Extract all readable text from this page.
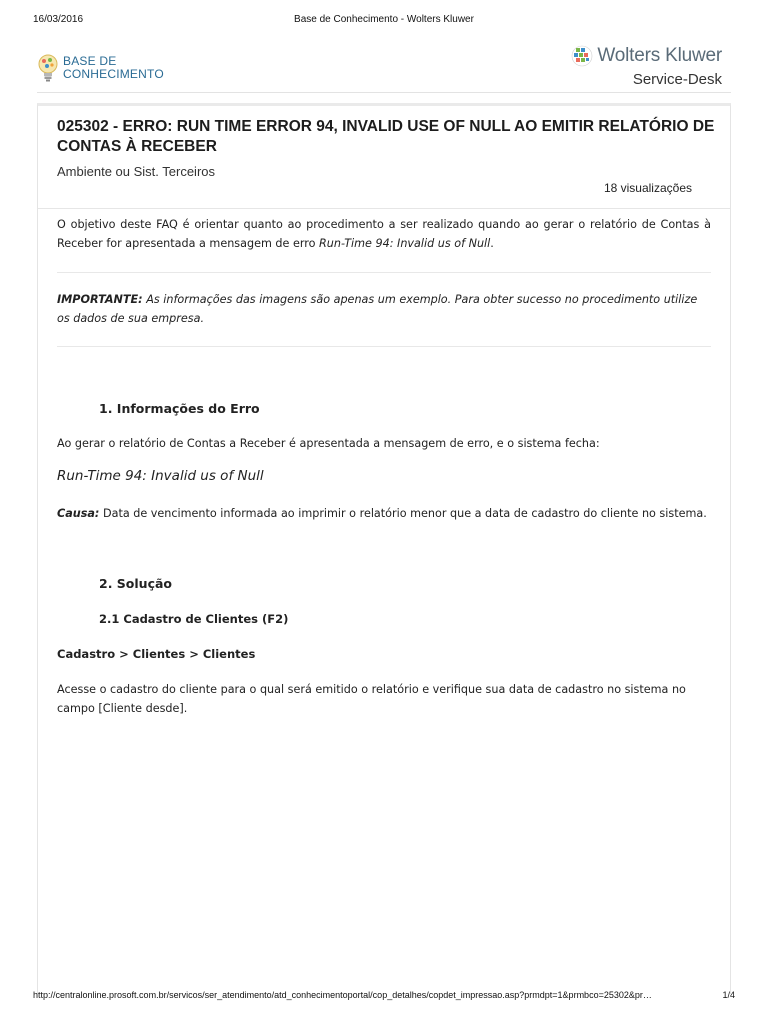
16/03/2016	Base de Conhecimento - Wolters Kluwer
BASE DE
CONHECIMENTO
Wolters Kluwer
Service-Desk
025302 - ERRO: RUN TIME ERROR 94, INVALID USE OF NULL AO EMITIR RELATÓRIO DE CONTAS À RECEBER
Ambiente ou Sist. Terceiros
18 visualizações

O objetivo deste FAQ é orientar quanto ao procedimento a ser realizado quando ao gerar o relatório de Contas à Receber for apresentada a mensagem de erro Run-Time 94: Invalid us of Null.

IMPORTANTE: As informações das imagens são apenas um exemplo. Para obter sucesso no procedimento utilize os dados de sua empresa.

1. Informações do Erro

Ao gerar o relatório de Contas a Receber é apresentada a mensagem de erro, e o sistema fecha:

Run-Time 94: Invalid us of Null

Causa: Data de vencimento informada ao imprimir o relatório menor que a data de cadastro do cliente no sistema.

2. Solução
2.1 Cadastro de Clientes (F2)
Cadastro > Clientes > Clientes

Acesse o cadastro do cliente para o qual será emitido o relatório e verifique sua data de cadastro no sistema no campo [Cliente desde].

http://centralonline.prosoft.com.br/servicos/ser_atendimento/atd_conhecimentoportal/cop_detalhes/copdet_impressao.asp?prmdpt=1&prmbco=25302&pr…	1/4
